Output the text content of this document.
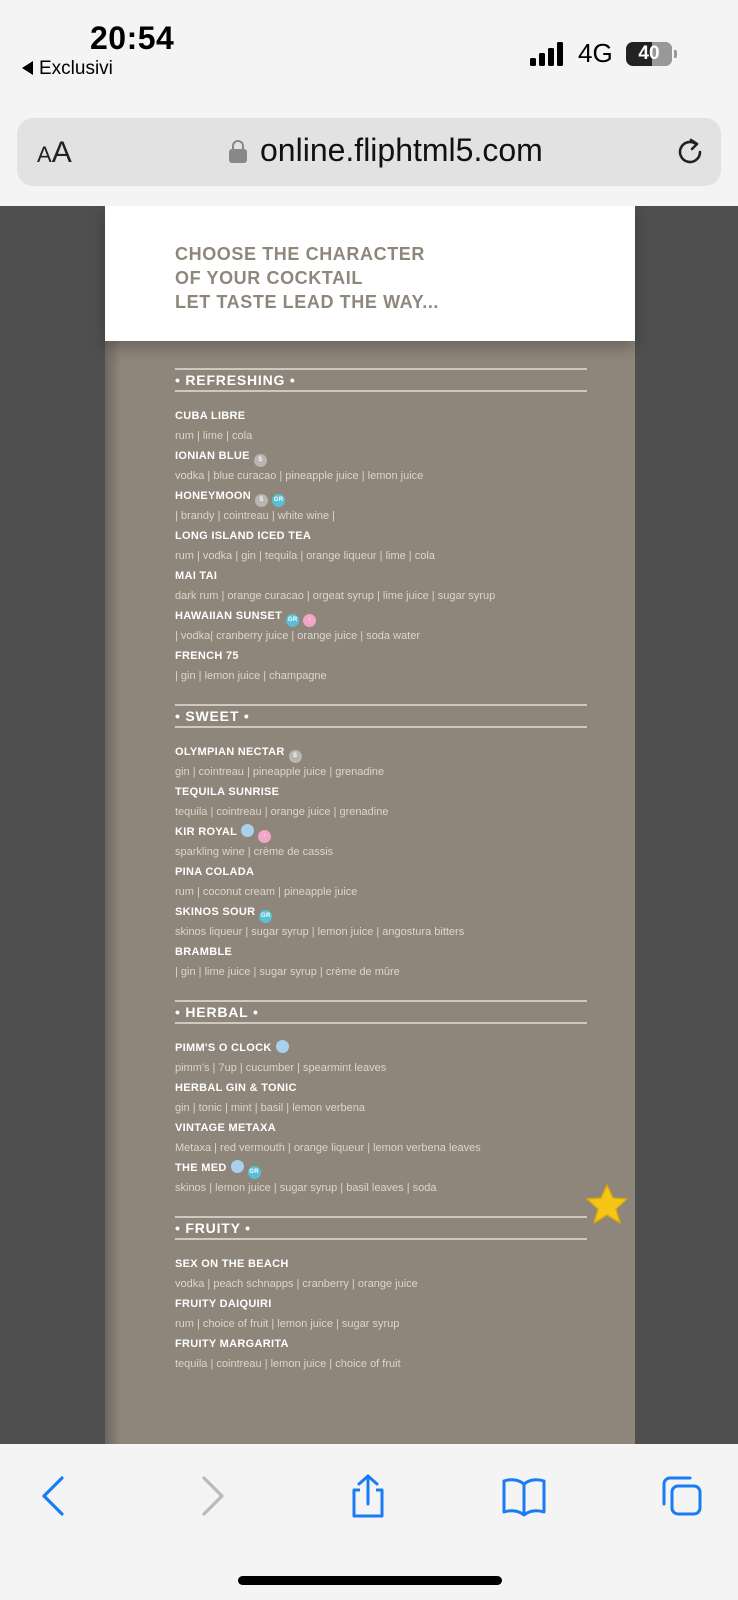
20:54
Exclusivi
4G	40
AA	online.fliphtml5.com
CHOOSE THE CHARACTER
OF YOUR COCKTAIL
LET TASTE LEAD THE WAY...
• REFRESHING •
CUBA LIBRE
rum | lime | cola
IONIAN BLUE S
vodka | blue curacao | pineapple juice | lemon juice
HONEYMOON S GR
| brandy | cointreau | white wine |
LONG ISLAND ICED TEA
rum | vodka | gin | tequila | orange liqueur | lime | cola
MAI TAI
dark rum | orange curacao | orgeat syrup | lime juice | sugar syrup
HAWAIIAN SUNSET GR ♀
| vodka| cranberry juice | orange juice | soda water
FRENCH 75
| gin | lemon juice | champagne
• SWEET •
OLYMPIAN NECTAR S
gin | cointreau | pineapple juice | grenadine
TEQUILA SUNRISE
tequila | cointreau | orange juice | grenadine
KIR ROYAL	♀
sparkling wine | crème de cassis
PINA COLADA
rum | coconut cream | pineapple juice
SKINOS SOUR GR
skinos liqueur | sugar syrup | lemon juice | angostura bitters
BRAMBLE
| gin | lime juice | sugar syrup | crème de mûre
• HERBAL •
PIMM'S O CLOCK
pimm's | 7up | cucumber | spearmint leaves
HERBAL GIN & TONIC
gin | tonic | mint | basil | lemon verbena
VINTAGE METAXA
Metaxa | red vermouth | orange liqueur | lemon verbena leaves
THE MED	GR
skinos | lemon juice | sugar syrup | basil leaves | soda
• FRUITY •
SEX ON THE BEACH
vodka | peach schnapps | cranberry | orange juice
FRUITY DAIQUIRI
rum | choice of fruit | lemon juice | sugar syrup
FRUITY MARGARITA
tequila | cointreau | lemon juice | choice of fruit
